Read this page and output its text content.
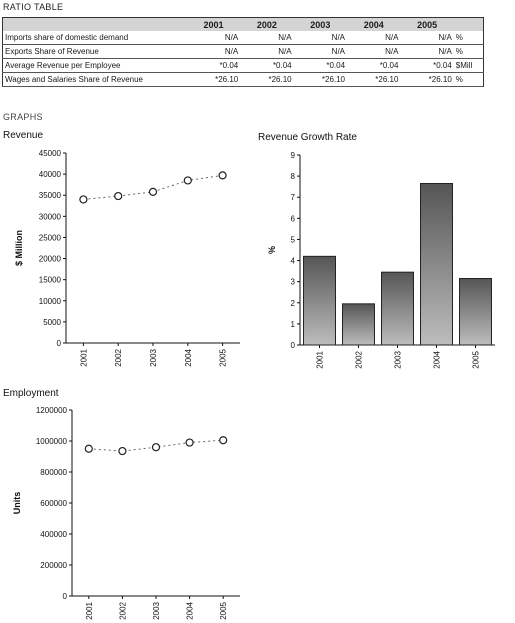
RATIO TABLE
	2001	2002	2003	2004	2005	
Imports share of domestic demand	N/A	N/A	N/A	N/A	N/A	%
Exports Share of Revenue	N/A	N/A	N/A	N/A	N/A	%
Average Revenue per Employee	*0.04	*0.04	*0.04	*0.04	*0.04	$Mill
Wages and Salaries Share of Revenue	*26.10	*26.10	*26.10	*26.10	*26.10	%
GRAPHS
Revenue
0
5000
10000
15000
20000
25000
30000
35000
40000
45000
$ Million
2001	2002	2003	2004	2005
Revenue Growth Rate
0
1
2
3
4
5
6
7
8
9
%
2001	2002	2003	2004	2005
Employment
0
200000
400000
600000
800000
1000000
1200000
Units
2001	2002	2003	2004	2005
